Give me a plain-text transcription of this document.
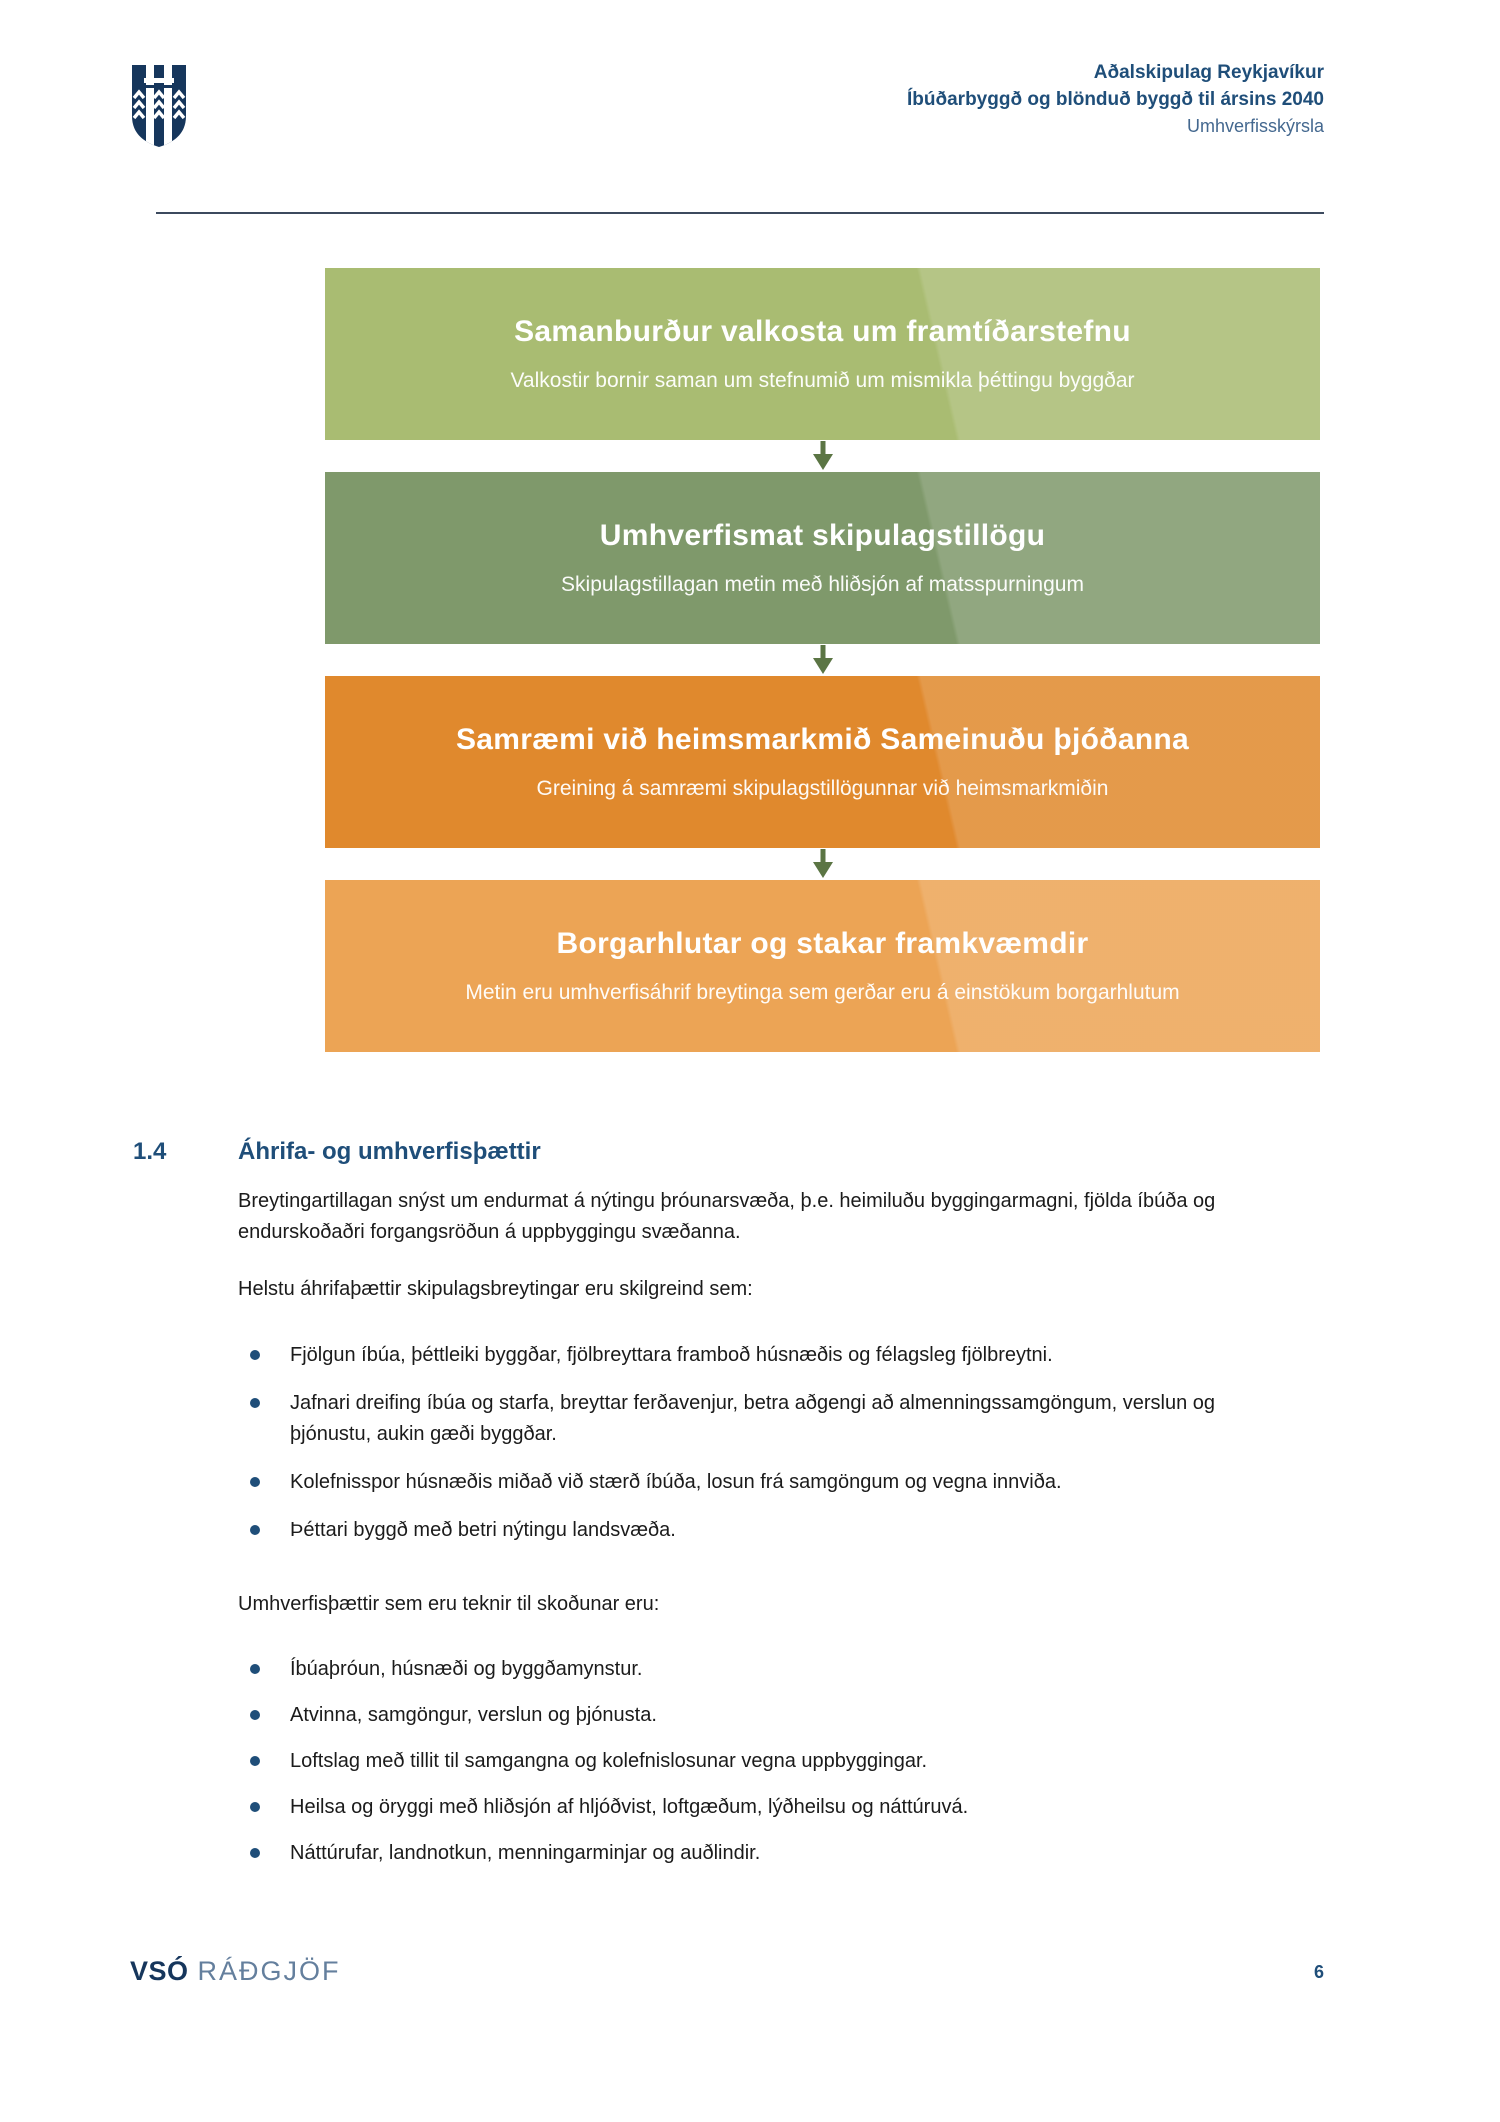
Aðalskipulag Reykjavíkur
Íbúðarbyggð og blönduð byggð til ársins 2040
Umhverfisskýrsla
Samanburður valkosta um framtíðarstefnu
Valkostir bornir saman um stefnumið um mismikla þéttingu byggðar
Umhverfismat skipulagstillögu
Skipulagstillagan metin með hliðsjón af matsspurningum
Samræmi við heimsmarkmið Sameinuðu þjóðanna
Greining á samræmi skipulagstillögunnar við heimsmarkmiðin
Borgarhlutar og stakar framkvæmdir
Metin eru umhverfisáhrif breytinga sem gerðar eru á einstökum borgarhlutum
1.4	Áhrifa- og umhverfisþættir

Breytingartillagan snýst um endurmat á nýtingu þróunarsvæða, þ.e. heimiluðu byggingarmagni, fjölda íbúða og endurskoðaðri forgangsröðun á uppbyggingu svæðanna.

Helstu áhrifaþættir skipulagsbreytingar eru skilgreind sem:

Fjölgun íbúa, þéttleiki byggðar, fjölbreyttara framboð húsnæðis og félagsleg fjölbreytni.
Jafnari dreifing íbúa og starfa, breyttar ferðavenjur, betra aðgengi að almenningssamgöngum, verslun og þjónustu, aukin gæði byggðar.
Kolefnisspor húsnæðis miðað við stærð íbúða, losun frá samgöngum og vegna innviða.
Þéttari byggð með betri nýtingu landsvæða.

Umhverfisþættir sem eru teknir til skoðunar eru:

Íbúaþróun, húsnæði og byggðamynstur.
Atvinna, samgöngur, verslun og þjónusta.
Loftslag með tillit til samgangna og kolefnislosunar vegna uppbyggingar.
Heilsa og öryggi með hliðsjón af hljóðvist, loftgæðum, lýðheilsu og náttúruvá.
Náttúrufar, landnotkun, menningarminjar og auðlindir.
VSÓ RÁÐGJÖF	6
